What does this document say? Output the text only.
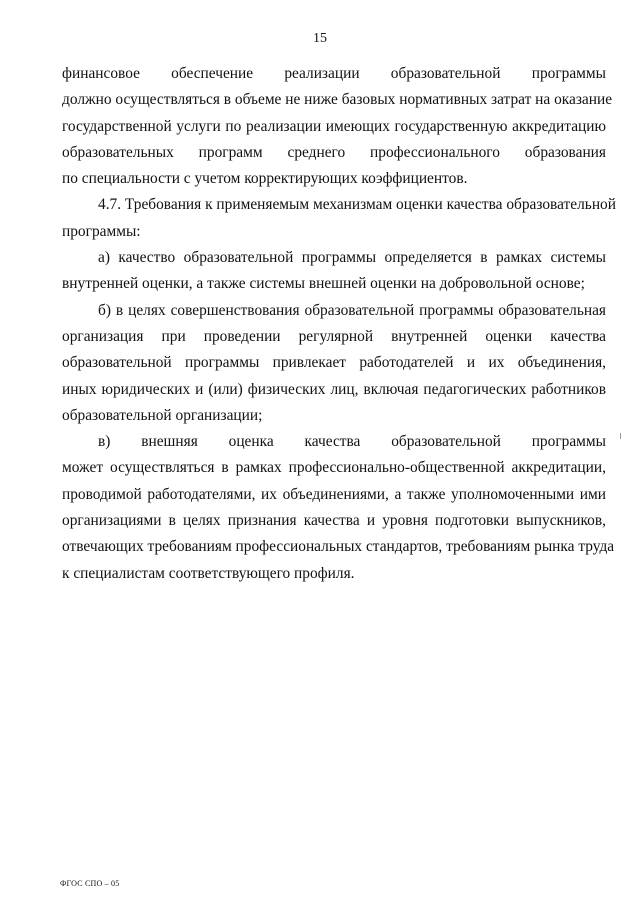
15

финансовое обеспечение реализации образовательной программы
должно осуществляться в объеме не ниже базовых нормативных затрат на оказание
государственной услуги по реализации имеющих государственную аккредитацию
образовательных программ среднего профессионального образования
по специальности с учетом корректирующих коэффициентов.

4.7. Требования к применяемым механизмам оценки качества образовательной
программы:

а) качество образовательной программы определяется в рамках системы
внутренней оценки, а также системы внешней оценки на добровольной основе;

б) в целях совершенствования образовательной программы образовательная
организация при проведении регулярной внутренней оценки качества
образовательной программы привлекает работодателей и их объединения,
иных юридических и (или) физических лиц, включая педагогических работников
образовательной организации;

в) внешняя оценка качества образовательной программы
может осуществляться в рамках профессионально-общественной аккредитации,
проводимой работодателями, их объединениями, а также уполномоченными ими
организациями в целях признания качества и уровня подготовки выпускников,
отвечающих требованиям профессиональных стандартов, требованиям рынка труда
к специалистам соответствующего профиля.

ФГОС СПО – 05
